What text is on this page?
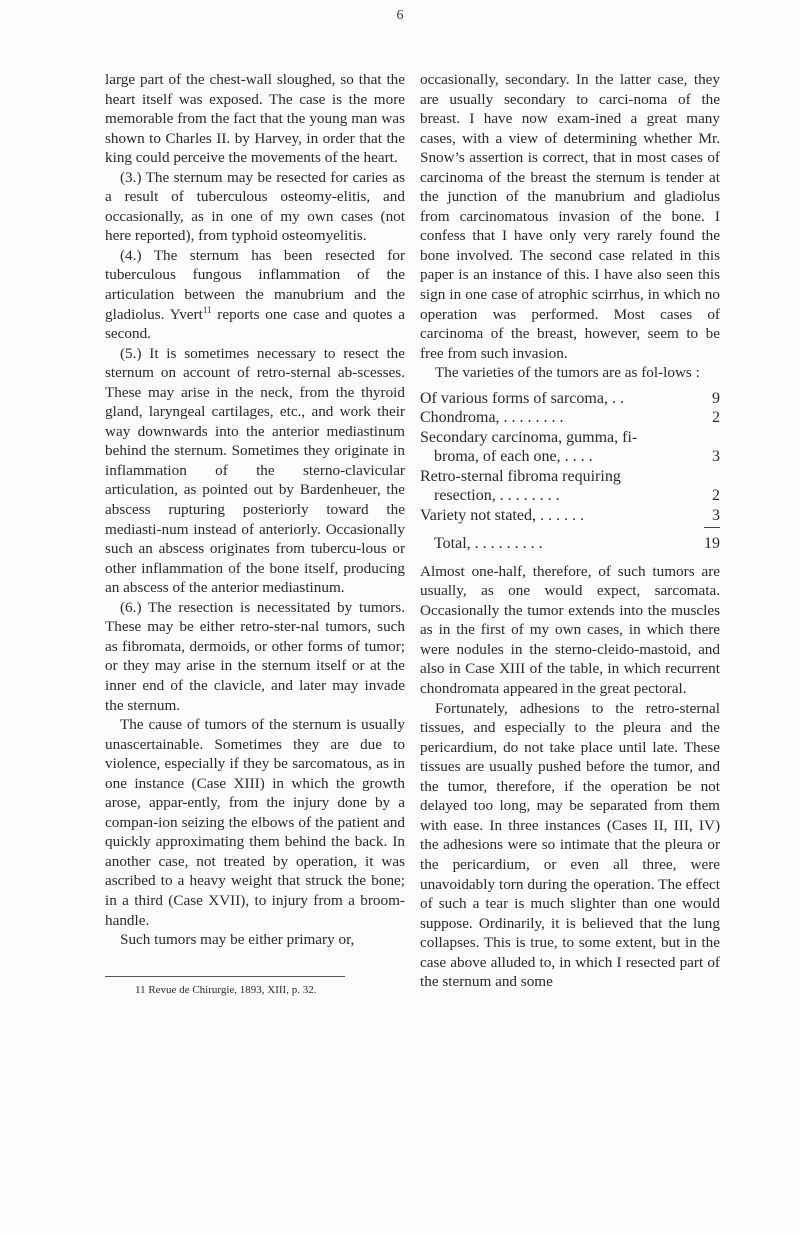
6

large part of the chest-wall sloughed, so that the heart itself was exposed. The case is the more memorable from the fact that the young man was shown to Charles II. by Harvey, in order that the king could perceive the movements of the heart.

(3.) The sternum may be resected for caries as a result of tuberculous osteomy-elitis, and occasionally, as in one of my own cases (not here reported), from typhoid osteomyelitis.

(4.) The sternum has been resected for tuberculous fungous inflammation of the articulation between the manubrium and the gladiolus. Yvert$^{11}$ reports one case and quotes a second.

(5.) It is sometimes necessary to resect the sternum on account of retro-sternal ab-scesses. These may arise in the neck, from the thyroid gland, laryngeal cartilages, etc., and work their way downwards into the anterior mediastinum behind the sternum. Sometimes they originate in inflammation of the sterno-clavicular articulation, as pointed out by Bardenheuer, the abscess rupturing posteriorly toward the mediasti-num instead of anteriorly. Occasionally such an abscess originates from tubercu-lous or other inflammation of the bone itself, producing an abscess of the anterior mediastinum.

(6.) The resection is necessitated by tumors. These may be either retro-ster-nal tumors, such as fibromata, dermoids, or other forms of tumor; or they may arise in the sternum itself or at the inner end of the clavicle, and later may invade the sternum.

The cause of tumors of the sternum is usually unascertainable. Sometimes they are due to violence, especially if they be sarcomatous, as in one instance (Case XIII) in which the growth arose, appar-ently, from the injury done by a compan-ion seizing the elbows of the patient and quickly approximating them behind the back. In another case, not treated by operation, it was ascribed to a heavy weight that struck the bone; in a third (Case XVII), to injury from a broom-handle.

Such tumors may be either primary or,

11 Revue de Chirurgie, 1893, XIII, p. 32.

occasionally, secondary. In the latter case, they are usually secondary to carci-noma of the breast. I have now exam-ined a great many cases, with a view of determining whether Mr. Snow’s assertion is correct, that in most cases of carcinoma of the breast the sternum is tender at the junction of the manubrium and gladiolus from carcinomatous invasion of the bone. I confess that I have only very rarely found the bone involved. The second case related in this paper is an instance of this. I have also seen this sign in one case of atrophic scirrhus, in which no operation was performed. Most cases of carcinoma of the breast, however, seem to be free from such invasion.

The varieties of the tumors are as fol-lows :

Of various forms of sarcoma, . .	9
Chondroma, . . . . . . . .	2
Secondary carcinoma, gumma, fi-
broma, of each one, . . . .	3
Retro-sternal fibroma requiring
resection, . . . . . . . .	2
Variety not stated, . . . . . .	3
Total, . . . . . . . . .	19

Almost one-half, therefore, of such tumors are usually, as one would expect, sarcomata. Occasionally the tumor extends into the muscles as in the first of my own cases, in which there were nodules in the sterno-cleido-mastoid, and also in Case XIII of the table, in which recurrent chondromata appeared in the great pectoral.

Fortunately, adhesions to the retro-sternal tissues, and especially to the pleura and the pericardium, do not take place until late. These tissues are usually pushed before the tumor, and the tumor, therefore, if the operation be not delayed too long, may be separated from them with ease. In three instances (Cases II, III, IV) the adhesions were so intimate that the pleura or the pericardium, or even all three, were unavoidably torn during the operation. The effect of such a tear is much slighter than one would suppose. Ordinarily, it is believed that the lung collapses. This is true, to some extent, but in the case above alluded to, in which I resected part of the sternum and some
